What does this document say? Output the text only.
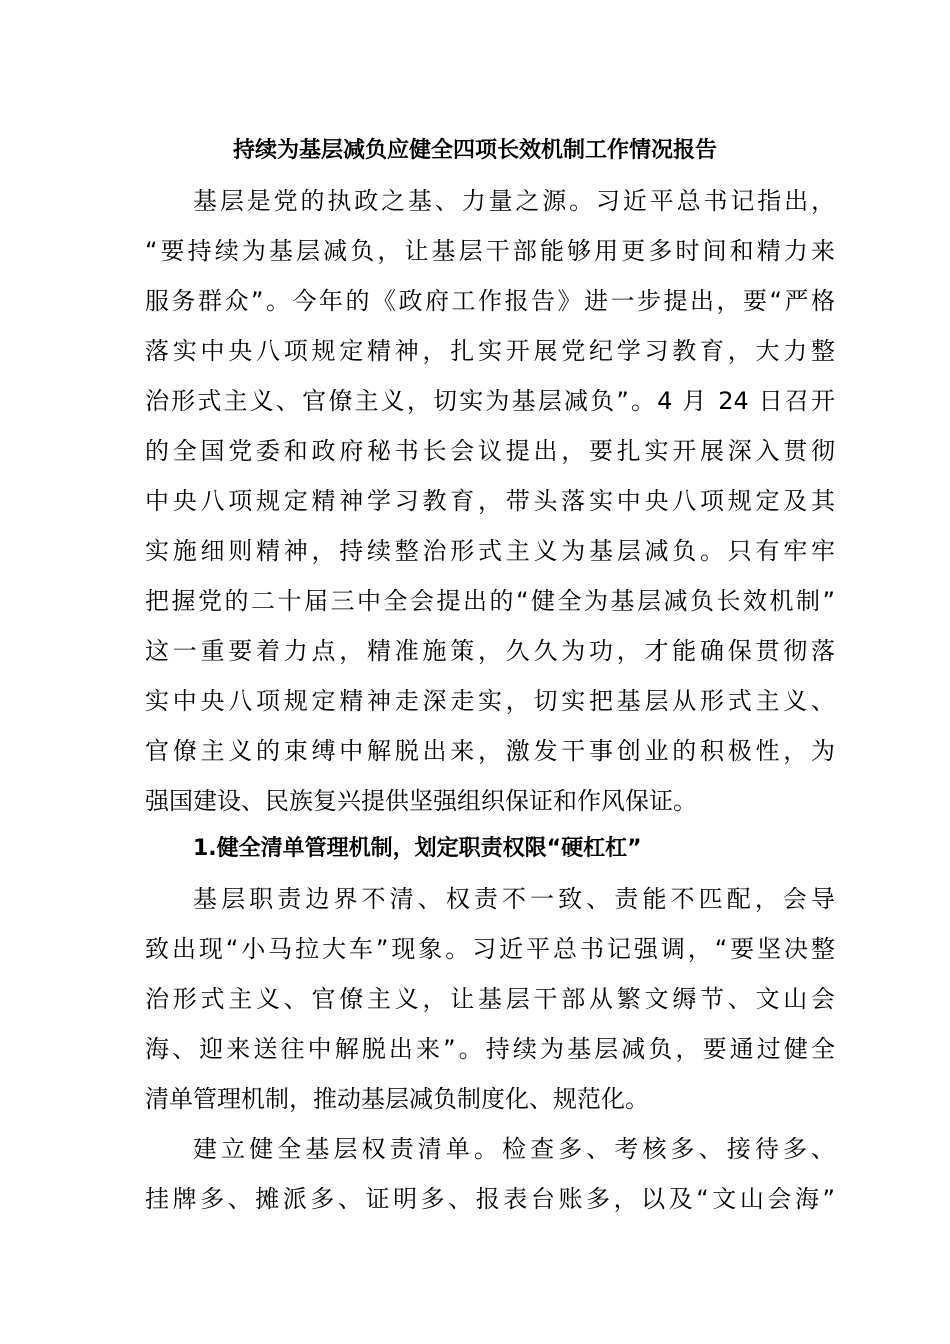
持续为基层减负应健全四项长效机制工作情况报告
基层是党的执政之基、力量之源。习近平总书记指出，
“要持续为基层减负，让基层干部能够用更多时间和精力来
服务群众”。今年的《政府工作报告》进一步提出，要“严格
落实中央八项规定精神，扎实开展党纪学习教育，大力整
治形式主义、官僚主义，切实为基层减负”。4 月 24 日召开
的全国党委和政府秘书长会议提出，要扎实开展深入贯彻
中央八项规定精神学习教育，带头落实中央八项规定及其
实施细则精神，持续整治形式主义为基层减负。只有牢牢
把握党的二十届三中全会提出的“健全为基层减负长效机制”
这一重要着力点，精准施策，久久为功，才能确保贯彻落
实中央八项规定精神走深走实，切实把基层从形式主义、
官僚主义的束缚中解脱出来，激发干事创业的积极性，为
强国建设、民族复兴提供坚强组织保证和作风保证。
1.健全清单管理机制，划定职责权限“硬杠杠”
基层职责边界不清、权责不一致、责能不匹配，会导
致出现“小马拉大车”现象。习近平总书记强调，“要坚决整
治形式主义、官僚主义，让基层干部从繁文缛节、文山会
海、迎来送往中解脱出来”。持续为基层减负，要通过健全
清单管理机制，推动基层减负制度化、规范化。
建立健全基层权责清单。检查多、考核多、接待多、
挂牌多、摊派多、证明多、报表台账多，以及“文山会海”
